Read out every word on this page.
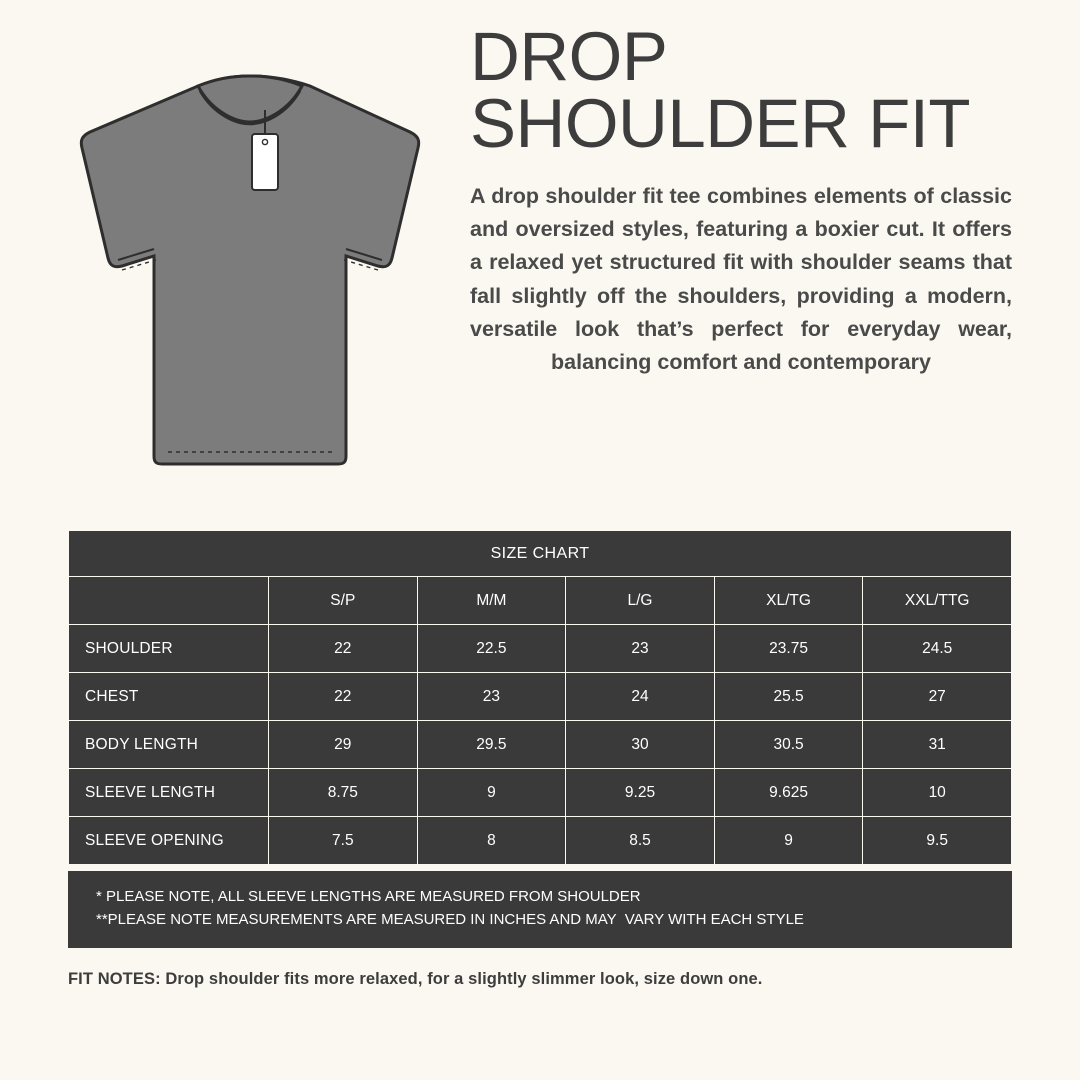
DROP
SHOULDER FIT

A drop shoulder fit tee combines elements of classic and oversized styles, featuring a boxier cut. It offers a relaxed yet structured fit with shoulder seams that fall slightly off the shoulders, providing a modern, versatile look that’s perfect for everyday wear, balancing comfort and contemporary

SIZE CHART					
	S/P	M/M	L/G	XL/TG	XXL/TTG
SHOULDER	22	22.5	23	23.75	24.5
CHEST	22	23	24	25.5	27
BODY LENGTH	29	29.5	30	30.5	31
SLEEVE LENGTH	8.75	9	9.25	9.625	10
SLEEVE OPENING	7.5	8	8.5	9	9.5
* PLEASE NOTE, ALL SLEEVE LENGTHS ARE MEASURED FROM SHOULDER
**PLEASE NOTE MEASUREMENTS ARE MEASURED IN INCHES AND MAY  VARY WITH EACH STYLE
FIT NOTES: Drop shoulder fits more relaxed, for a slightly slimmer look, size down one.
